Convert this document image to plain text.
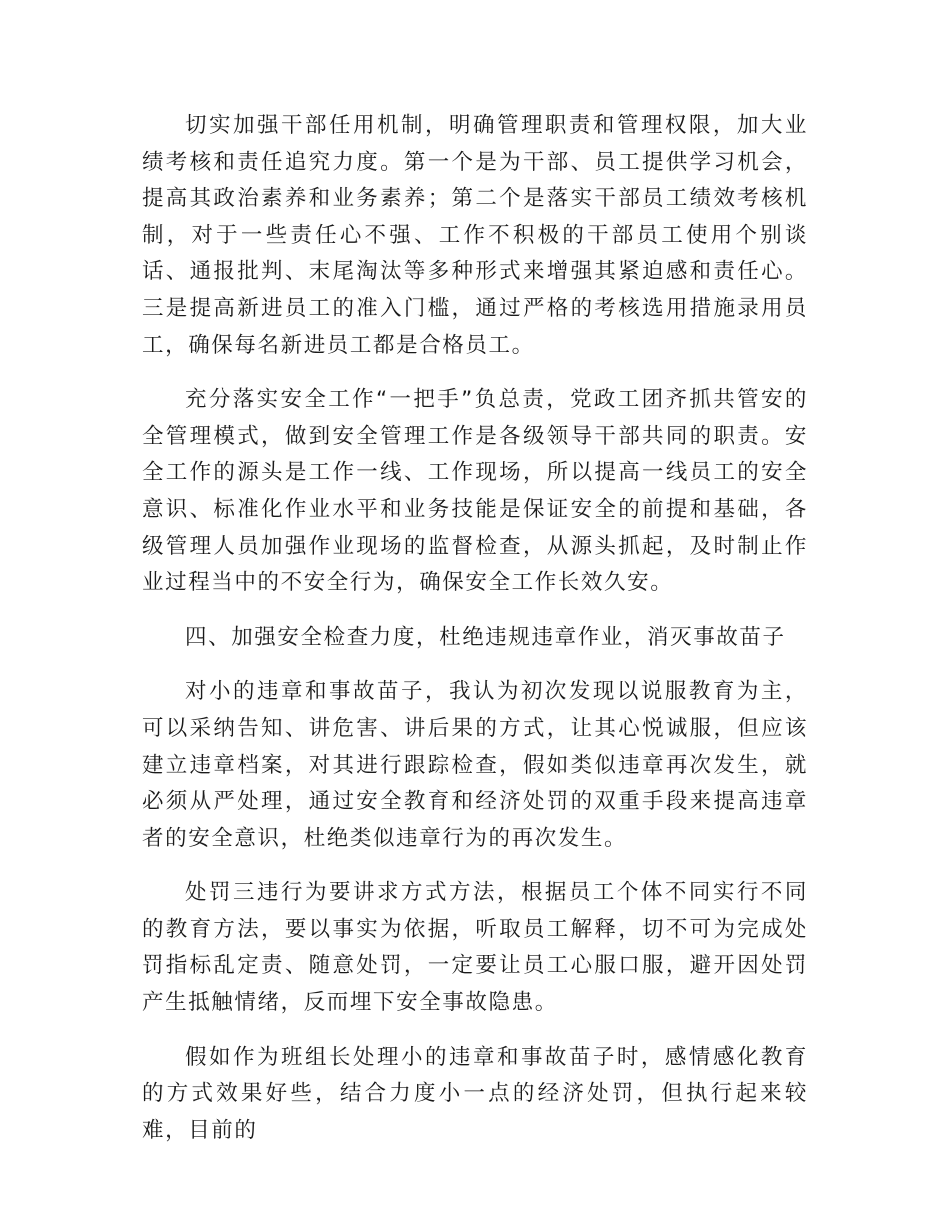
切实加强干部任用机制，明确管理职责和管理权限，加大业绩考核和责任追究力度。第一个是为干部、员工提供学习机会，提高其政治素养和业务素养；第二个是落实干部员工绩效考核机制，对于一些责任心不强、工作不积极的干部员工使用个别谈话、通报批判、末尾淘汰等多种形式来增强其紧迫感和责任心。三是提高新进员工的准入门槛，通过严格的考核选用措施录用员工，确保每名新进员工都是合格员工。

充分落实安全工作“一把手”负总责，党政工团齐抓共管安的全管理模式，做到安全管理工作是各级领导干部共同的职责。安全工作的源头是工作一线、工作现场，所以提高一线员工的安全意识、标准化作业水平和业务技能是保证安全的前提和基础，各级管理人员加强作业现场的监督检查，从源头抓起，及时制止作业过程当中的不安全行为，确保安全工作长效久安。

四、加强安全检查力度，杜绝违规违章作业，消灭事故苗子

对小的违章和事故苗子，我认为初次发现以说服教育为主，可以采纳告知、讲危害、讲后果的方式，让其心悦诚服，但应该建立违章档案，对其进行跟踪检查，假如类似违章再次发生，就必须从严处理，通过安全教育和经济处罚的双重手段来提高违章者的安全意识，杜绝类似违章行为的再次发生。

处罚三违行为要讲求方式方法，根据员工个体不同实行不同的教育方法，要以事实为依据，听取员工解释，切不可为完成处罚指标乱定责、随意处罚，一定要让员工心服口服，避开因处罚产生抵触情绪，反而埋下安全事故隐患。

假如作为班组长处理小的违章和事故苗子时，感情感化教育的方式效果好些，结合力度小一点的经济处罚，但执行起来较难，目前的
